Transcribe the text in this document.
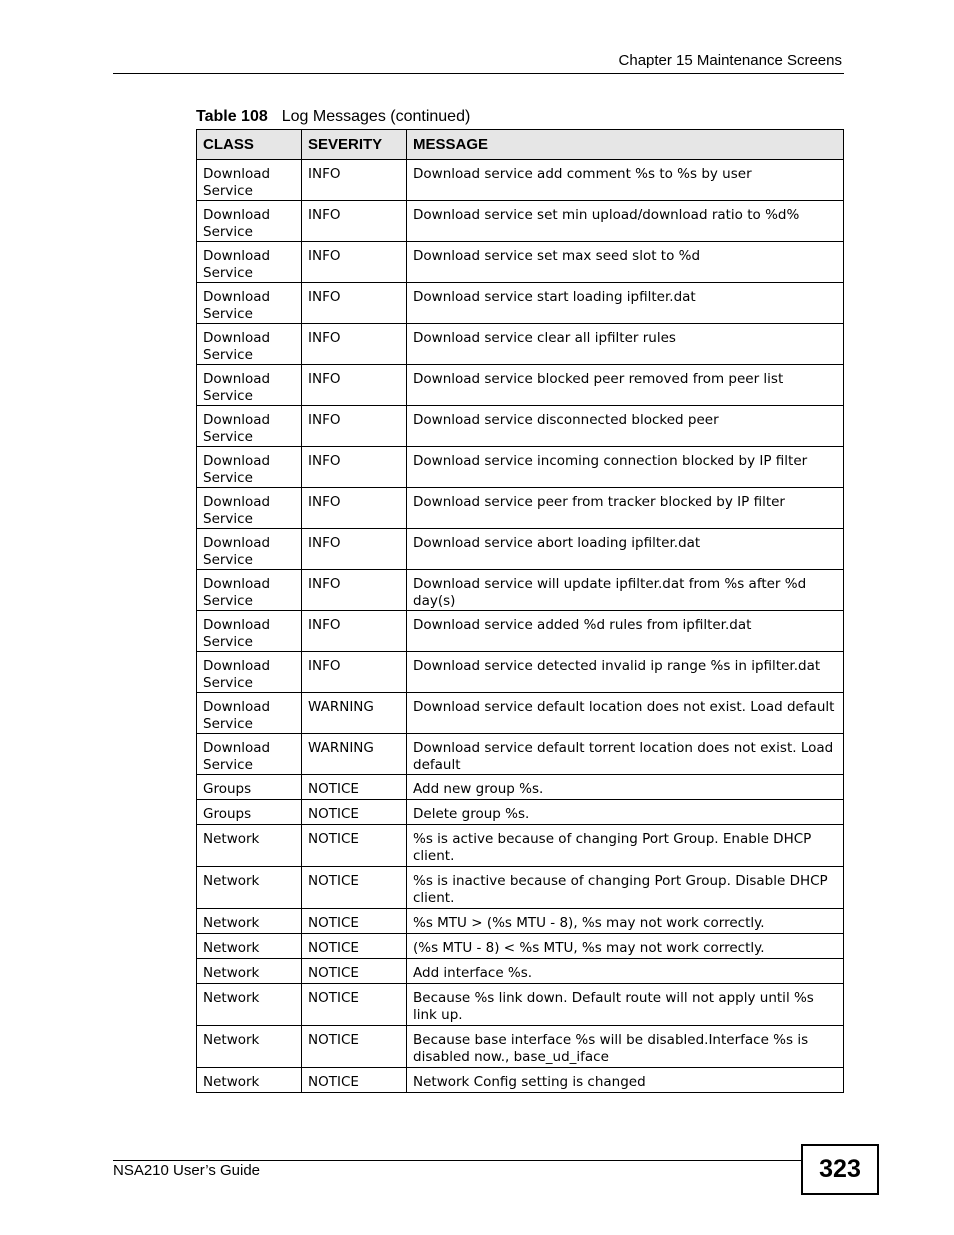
Chapter 15 Maintenance Screens
Table 108 Log Messages (continued)
CLASS	SEVERITY	MESSAGE
Download Service	INFO	Download service add comment %s to %s by user
Download Service	INFO	Download service set min upload/download ratio to %d%
Download Service	INFO	Download service set max seed slot to %d
Download Service	INFO	Download service start loading ipfilter.dat
Download Service	INFO	Download service clear all ipfilter rules
Download Service	INFO	Download service blocked peer removed from peer list
Download Service	INFO	Download service disconnected blocked peer
Download Service	INFO	Download service incoming connection blocked by IP filter
Download Service	INFO	Download service peer from tracker blocked by IP filter
Download Service	INFO	Download service abort loading ipfilter.dat
Download Service	INFO	Download service will update ipfilter.dat from %s after %d day(s)
Download Service	INFO	Download service added %d rules from ipfilter.dat
Download Service	INFO	Download service detected invalid ip range %s in ipfilter.dat
Download Service	WARNING	Download service default location does not exist. Load default
Download Service	WARNING	Download service default torrent location does not exist. Load default
Groups	NOTICE	Add new group %s.
Groups	NOTICE	Delete group %s.
Network	NOTICE	%s is active because of changing Port Group. Enable DHCP client.
Network	NOTICE	%s is inactive because of changing Port Group. Disable DHCP client.
Network	NOTICE	%s MTU > (%s MTU - 8), %s may not work correctly.
Network	NOTICE	(%s MTU - 8) < %s MTU, %s may not work correctly.
Network	NOTICE	Add interface %s.
Network	NOTICE	Because %s link down. Default route will not apply until %s link up.
Network	NOTICE	Because base interface %s will be disabled.Interface %s is disabled now., base_ud_iface
Network	NOTICE	Network Config setting is changed
NSA210 User’s Guide	323
